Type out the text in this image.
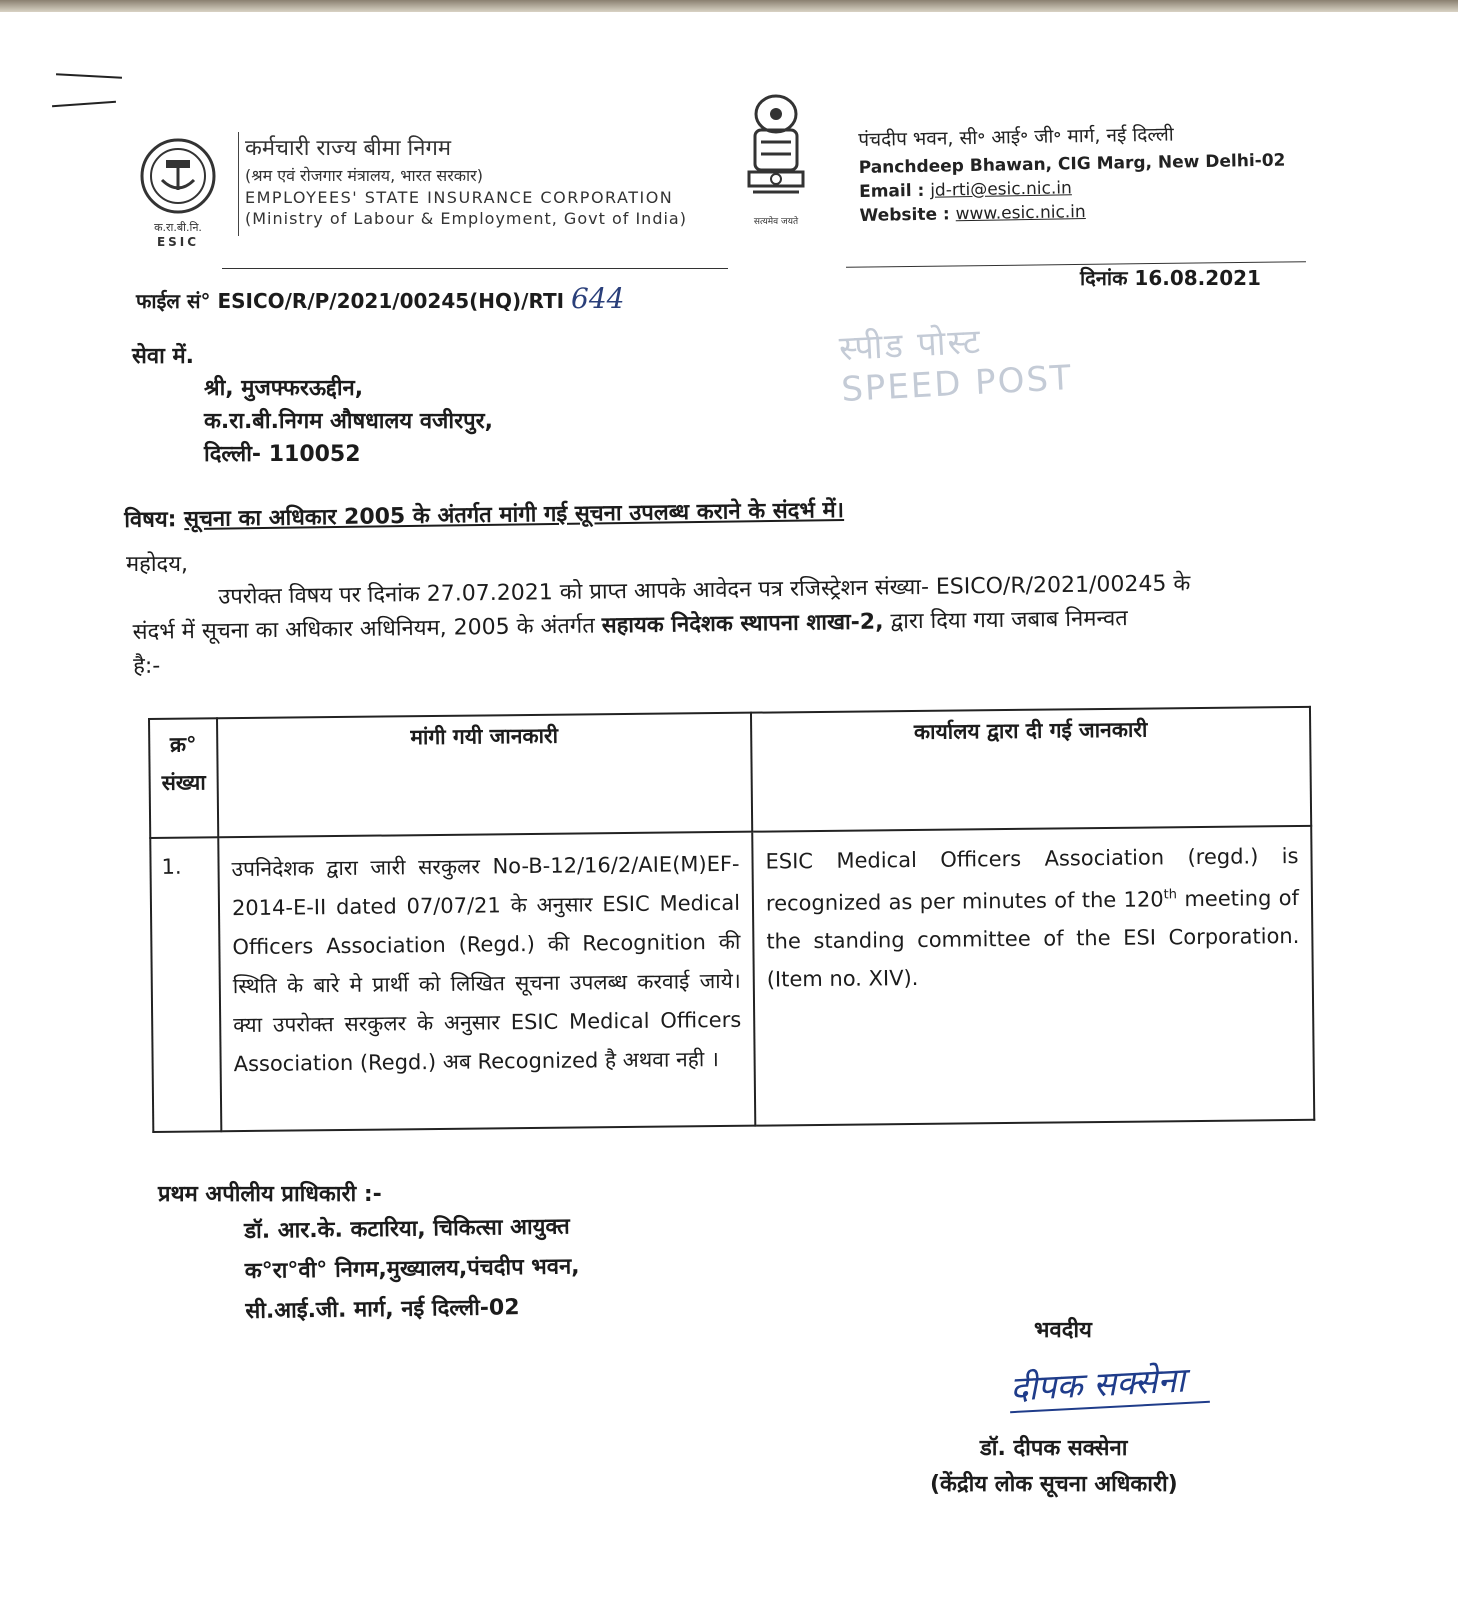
क.रा.बी.नि.
ESIC
कर्मचारी राज्य बीमा निगम
(श्रम एवं रोजगार मंत्रालय, भारत सरकार)
EMPLOYEES' STATE INSURANCE CORPORATION
(Ministry of Labour & Employment, Govt of India)	सत्यमेव जयते
पंचदीप भवन, सी॰ आई॰ जी॰ मार्ग, नई दिल्ली
Panchdeep Bhawan, CIG Marg, New Delhi-02
Email : jd-rti@esic.nic.in
Website : www.esic.nic.in
फाईल सं° ESICO/R/P/2021/00245(HQ)/RTI 644
दिनांक 16.08.2021
स्पीड पोस्ट
SPEED POST
सेवा में.
श्री, मुजफ्फरऊद्दीन,
क.रा.बी.निगम औषधालय वजीरपुर,
दिल्ली- 110052
विषय: सूचना का अधिकार 2005 के अंतर्गत मांगी गई सूचना उपलब्ध कराने के संदर्भ में।
महोदय,
उपरोक्त विषय पर दिनांक 27.07.2021 को प्राप्त आपके आवेदन पत्र रजिस्ट्रेशन संख्या- ESICO/R/2021/00245 के
संदर्भ में सूचना का अधिकार अधिनियम, 2005 के अंतर्गत सहायक निदेशक स्थापना शाखा-2, द्वारा दिया गया जबाब निमन्वत
है:-
क्र° संख्या	मांगी गयी जानकारी	कार्यालय द्वारा दी गई जानकारी
1.	उपनिदेशक द्वारा जारी सरकुलर No-B-12/16/2/AIE(M)EF-2014-E-II dated 07/07/21 के अनुसार ESIC Medical Officers Association (Regd.) की Recognition की स्थिति के बारे मे प्रार्थी को लिखित सूचना उपलब्ध करवाई जाये। क्या उपरोक्त सरकुलर के अनुसार ESIC Medical Officers Association (Regd.) अब Recognized है अथवा नही ।	ESIC Medical Officers Association (regd.) is recognized as per minutes of the 120th meeting of the standing committee of the ESI Corporation. (Item no. XIV).
प्रथम अपीलीय प्राधिकारी :-
डॉ. आर.के. कटारिया, चिकित्सा आयुक्त
क°रा°वी° निगम,मुख्यालय,पंचदीप भवन,
सी.आई.जी. मार्ग, नई दिल्ली-02
भवदीय
दीपक सक्सेना
डॉ. दीपक सक्सेना
(केंद्रीय लोक सूचना अधिकारी)
